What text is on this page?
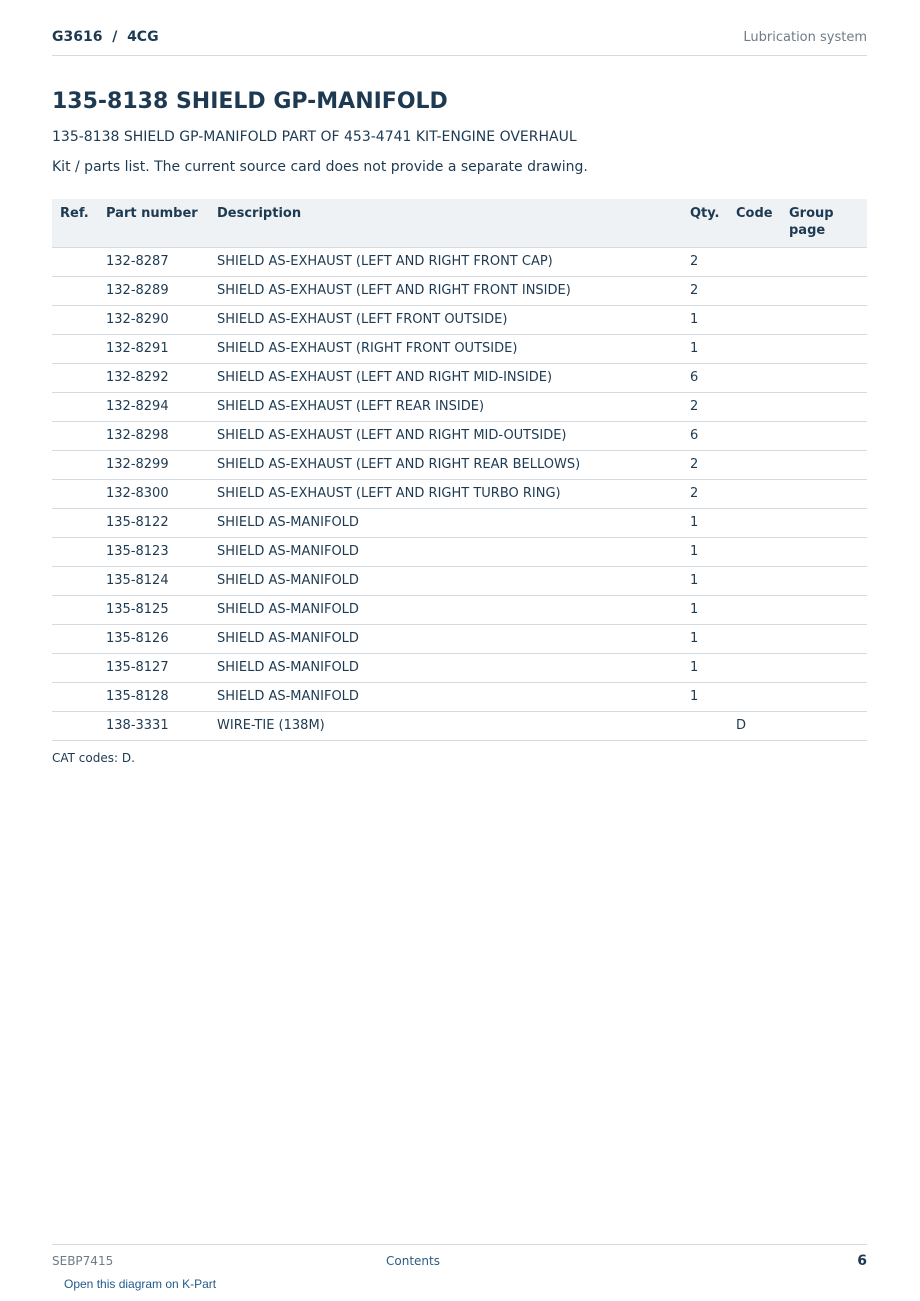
G3616  /  4CG	Lubrication system
135-8138 SHIELD GP-MANIFOLD
135-8138 SHIELD GP-MANIFOLD PART OF 453-4741 KIT-ENGINE OVERHAUL
Kit / parts list. The current source card does not provide a separate drawing.
Ref.	Part number	Description	Qty.	Code	Group page
	132-8287	SHIELD AS-EXHAUST (LEFT AND RIGHT FRONT CAP)	2		
	132-8289	SHIELD AS-EXHAUST (LEFT AND RIGHT FRONT INSIDE)	2		
	132-8290	SHIELD AS-EXHAUST (LEFT FRONT OUTSIDE)	1		
	132-8291	SHIELD AS-EXHAUST (RIGHT FRONT OUTSIDE)	1		
	132-8292	SHIELD AS-EXHAUST (LEFT AND RIGHT MID-INSIDE)	6		
	132-8294	SHIELD AS-EXHAUST (LEFT REAR INSIDE)	2		
	132-8298	SHIELD AS-EXHAUST (LEFT AND RIGHT MID-OUTSIDE)	6		
	132-8299	SHIELD AS-EXHAUST (LEFT AND RIGHT REAR BELLOWS)	2		
	132-8300	SHIELD AS-EXHAUST (LEFT AND RIGHT TURBO RING)	2		
	135-8122	SHIELD AS-MANIFOLD	1		
	135-8123	SHIELD AS-MANIFOLD	1		
	135-8124	SHIELD AS-MANIFOLD	1		
	135-8125	SHIELD AS-MANIFOLD	1		
	135-8126	SHIELD AS-MANIFOLD	1		
	135-8127	SHIELD AS-MANIFOLD	1		
	135-8128	SHIELD AS-MANIFOLD	1		
	138-3331	WIRE-TIE (138M)		D	
CAT codes: D.
SEBP7415	Contents	6
Open this diagram on K-Part
